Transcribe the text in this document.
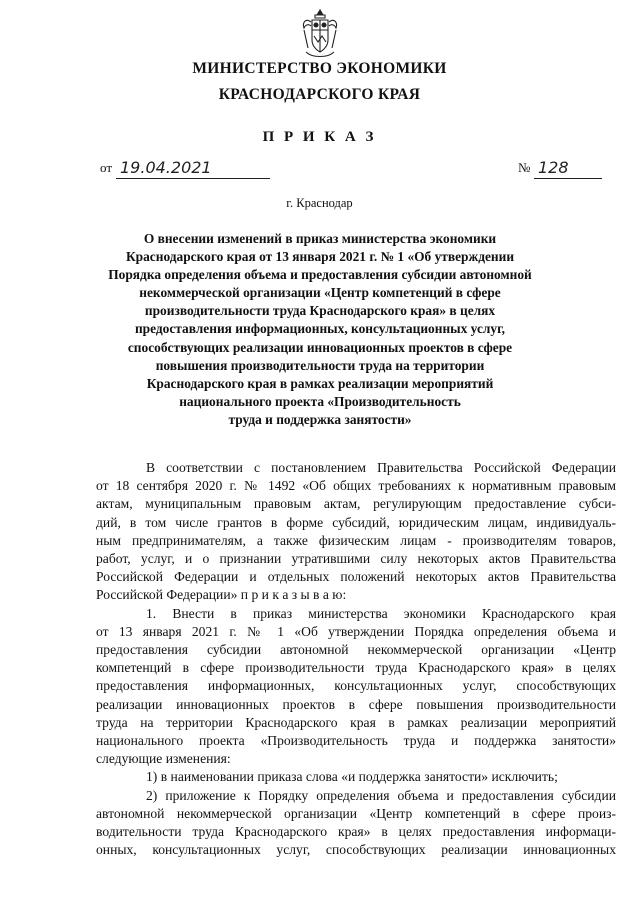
МИНИСТЕРСТВО ЭКОНОМИКИ
КРАСНОДАРСКОГО КРАЯ
П Р И К А З
от 19.04.2021	№ 128
г. Краснодар
О внесении изменений в приказ министерства экономики
Краснодарского края от 13 января 2021 г. № 1 «Об утверждении
Порядка определения объема и предоставления субсидии автономной
некоммерческой организации «Центр компетенций в сфере
производительности труда Краснодарского края» в целях
предоставления информационных, консультационных услуг,
способствующих реализации инновационных проектов в сфере
повышения производительности труда на территории
Краснодарского края в рамках реализации мероприятий
национального проекта «Производительность
труда и поддержка занятости»
В соответствии с постановлением Правительства Российской Федерации
от 18 сентября 2020 г. № 1492 «Об общих требованиях к нормативным правовым
актам, муниципальным правовым актам, регулирующим предоставление субси-
дий, в том числе грантов в форме субсидий, юридическим лицам, индивидуаль-
ным предпринимателям, а также физическим лицам - производителям товаров,
работ, услуг, и о признании утратившими силу некоторых актов Правительства
Российской Федерации и отдельных положений некоторых актов Правительства
Российской Федерации» п р и к а з ы в а ю:
1. Внести в приказ министерства экономики Краснодарского края
от 13 января 2021 г. № 1 «Об утверждении Порядка определения объема и
предоставления субсидии автономной некоммерческой организации «Центр
компетенций в сфере производительности труда Краснодарского края» в целях
предоставления информационных, консультационных услуг, способствующих
реализации инновационных проектов в сфере повышения производительности
труда на территории Краснодарского края в рамках реализации мероприятий
национального проекта «Производительность труда и поддержка занятости»
следующие изменения:
1) в наименовании приказа слова «и поддержка занятости» исключить;
2) приложение к Порядку определения объема и предоставления субсидии
автономной некоммерческой организации «Центр компетенций в сфере произ-
водительности труда Краснодарского края» в целях предоставления информаци-
онных, консультационных услуг, способствующих реализации инновационных
